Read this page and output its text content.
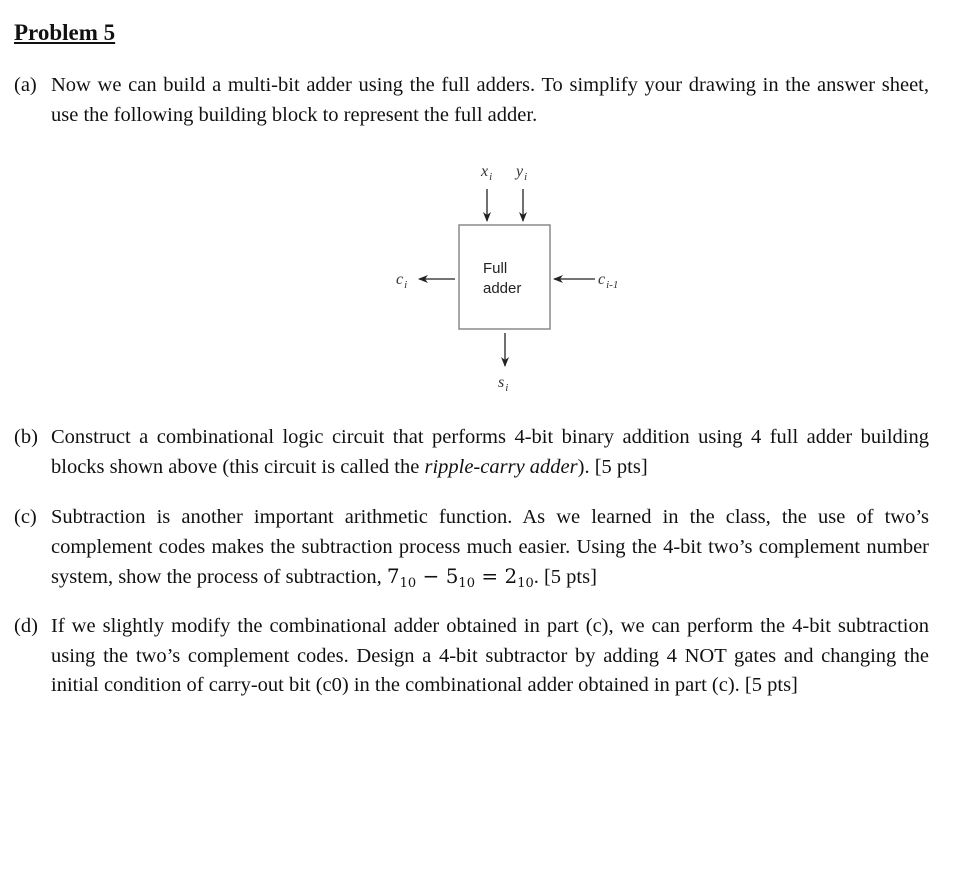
Problem 5

(a) Now we can build a multi-bit adder using the full adders. To simplify your drawing in the answer sheet, use the following building block to represent the full adder.

Full
adder
$x_i$ $y_i$
$c_i$	$c_{i-1}$
$s_i$

(b) Construct a combinational logic circuit that performs 4-bit binary addition using 4 full adder building blocks shown above (this circuit is called the ripple-carry adder). [5 pts]

(c) Subtraction is another important arithmetic function. As we learned in the class, the use of two’s complement codes makes the subtraction process much easier. Using the 4-bit two’s complement number system, show the process of subtraction, $7_{10} - 5_{10} = 2_{10}$. [5 pts]

(d) If we slightly modify the combinational adder obtained in part (c), we can perform the 4-bit subtraction using the two’s complement codes. Design a 4-bit subtractor by adding 4 NOT gates and changing the initial condition of carry-out bit (c0) in the combinational adder obtained in part (c). [5 pts]
